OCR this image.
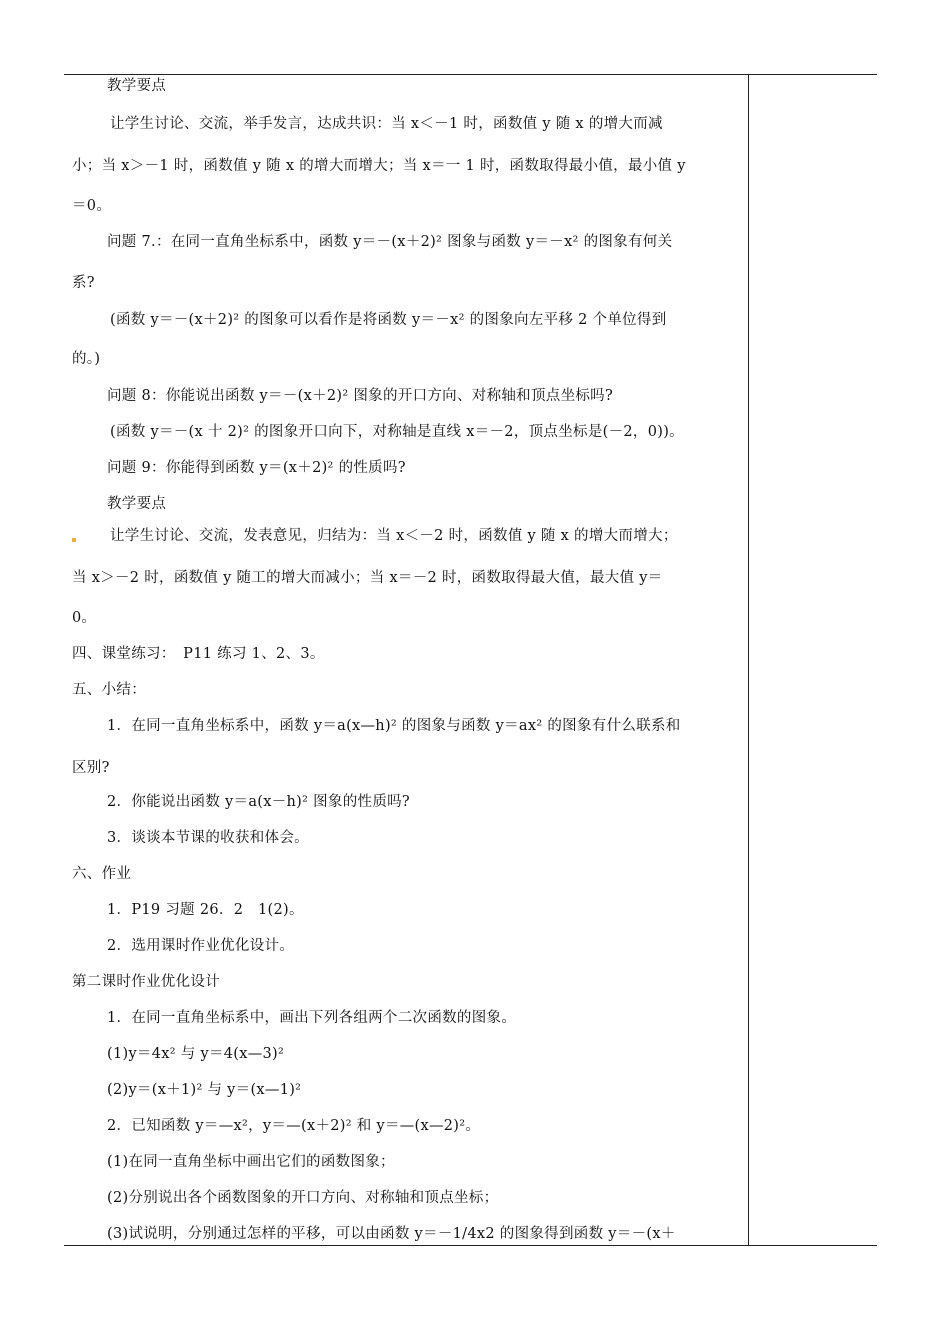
教学要点
让学生讨论、交流，举手发言，达成共识：当 x＜－1 时，函数值 y 随 x 的增大而减
小；当 x＞－1 时，函数值 y 随 x 的增大而增大；当 x＝一 1 时，函数取得最小值，最小值 y
＝0。
问题 7.：在同一直角坐标系中，函数 y＝－(x＋2)² 图象与函数 y＝－x² 的图象有何关
系?
(函数 y＝－(x＋2)² 的图象可以看作是将函数 y＝－x² 的图象向左平移 2 个单位得到
的。)
问题 8：你能说出函数 y＝－(x＋2)² 图象的开口方向、对称轴和顶点坐标吗?
(函数 y＝－(x 十 2)² 的图象开口向下，对称轴是直线 x＝－2，顶点坐标是(－2，0))。
问题 9：你能得到函数 y＝(x＋2)² 的性质吗?
教学要点
让学生讨论、交流，发表意见，归结为：当 x＜－2 时，函数值 y 随 x 的增大而增大；
当 x＞－2 时，函数值 y 随工的增大而减小；当 x＝－2 时，函数取得最大值，最大值 y＝
0。
四、课堂练习：　P11 练习 1、2、3。
五、小结：
1．在同一直角坐标系中，函数 y＝a(x—h)² 的图象与函数 y＝ax² 的图象有什么联系和
区别?
2．你能说出函数 y＝a(x－h)² 图象的性质吗?
3．谈谈本节课的收获和体会。
六、作业
1．P19 习题 26．2　1(2)。
2．选用课时作业优化设计。
第二课时作业优化设计
1．在同一直角坐标系中，画出下列各组两个二次函数的图象。
(1)y＝4x² 与 y＝4(x—3)²
(2)y＝(x＋1)² 与 y＝(x—1)²
2．已知函数 y＝—x²，y＝—(x＋2)² 和 y＝—(x—2)²。
(1)在同一直角坐标中画出它们的函数图象；
(2)分别说出各个函数图象的开口方向、对称轴和顶点坐标；
(3)试说明，分别通过怎样的平移，可以由函数 y＝－1/4x2 的图象得到函数 y＝－(x＋
